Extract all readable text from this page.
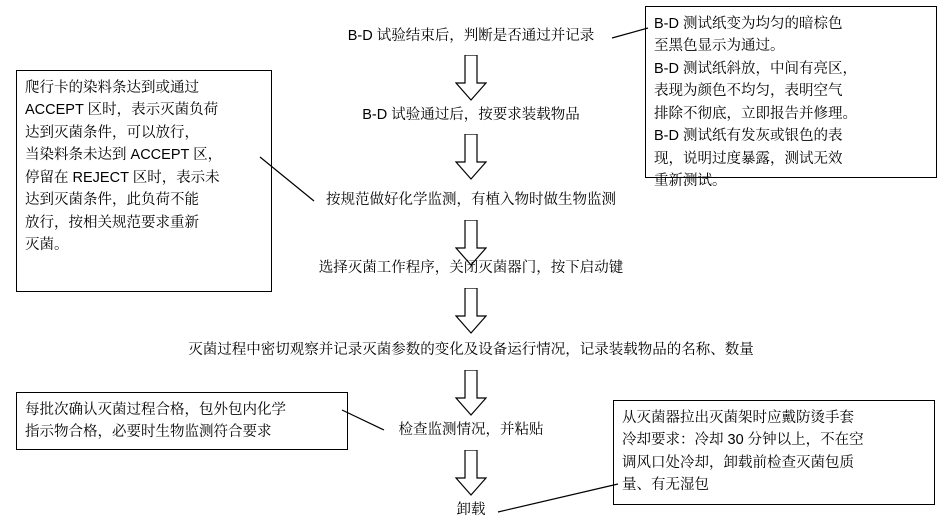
B-D 测试纸变为均匀的暗棕色
至黑色显示为通过。
B-D 测试纸斜放，中间有亮区，
表现为颜色不均匀，表明空气
排除不彻底，立即报告并修理。
B-D 测试纸有发灰或银色的表
现，说明过度暴露，测试无效
重新测试。
爬行卡的染料条达到或通过
ACCEPT 区时，表示灭菌负荷
达到灭菌条件，可以放行，
当染料条未达到 ACCEPT 区，
停留在 REJECT 区时，表示未
达到灭菌条件，此负荷不能
放行，按相关规范要求重新
灭菌。
每批次确认灭菌过程合格，包外包内化学
指示物合格，必要时生物监测符合要求
从灭菌器拉出灭菌架时应戴防烫手套
冷却要求：冷却 30 分钟以上，不在空
调风口处冷却，卸载前检查灭菌包质
量、有无湿包
B-D 试验结束后，判断是否通过并记录
B-D 试验通过后，按要求装载物品
按规范做好化学监测，有植入物时做生物监测
选择灭菌工作程序，关闭灭菌器门，按下启动键
灭菌过程中密切观察并记录灭菌参数的变化及设备运行情况，记录装载物品的名称、数量
检查监测情况，并粘贴
卸载
